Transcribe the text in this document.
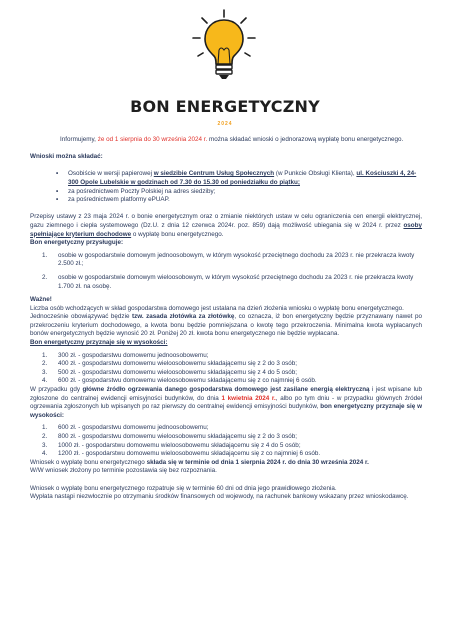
BON ENERGETYCZNY
2024

Informujemy, że od 1 sierpnia do 30 września 2024 r. można składać wnioski o jednorazową wypłatę bonu energetycznego.

Wnioski można składać:

• Osobiście w wersji papierowej w siedzibie Centrum Usług Społecznych (w Punkcie Obsługi Klienta), ul. Kościuszki 4, 24-300 Opole Lubelskie w godzinach od 7.30 do 15.30 od poniedziałku do piątku;
• za pośrednictwem Poczty Polskiej na adres siedziby;
• za pośrednictwem platformy ePUAP.

Przepisy ustawy z 23 maja 2024 r. o bonie energetycznym oraz o zmianie niektórych ustaw w celu ograniczenia cen energii elektrycznej, gazu ziemnego i ciepła systemowego (Dz.U. z dnia 12 czerwca 2024r. poz. 859) dają możliwość ubiegania się w 2024 r. przez osoby spełniające kryterium dochodowe o wypłatę bonu energetycznego.

Bon energetyczny przysługuje:

1. osobie w gospodarstwie domowym jednoosobowym, w którym wysokość przeciętnego dochodu za 2023 r. nie przekracza kwoty 2.500 zł.;
2. osobie w gospodarstwie domowym wieloosobowym, w którym wysokość przeciętnego dochodu za 2023 r. nie przekracza kwoty 1.700 zł. na osobę.

Ważne!

Liczba osób wchodzących w skład gospodarstwa domowego jest ustalana na dzień złożenia wniosku o wypłatę bonu energetycznego.

Jednocześnie obowiązywać będzie tzw. zasada złotówka za złotówkę, co oznacza, iż bon energetyczny będzie przyznawany nawet po przekroczeniu kryterium dochodowego, a kwota bonu będzie pomniejszana o kwotę tego przekroczenia. Minimalna kwota wypłacanych bonów energetycznych będzie wynosić 20 zł. Poniżej 20 zł. kwota bonu energetycznego nie będzie wypłacana.

Bon energetyczny przyznaje się w wysokości:

1. 300 zł. - gospodarstwu domowemu jednoosobowemu;
2. 400 zł. - gospodarstwu domowemu wieloosobowemu składającemu się z 2 do 3 osób;
3. 500 zł. - gospodarstwu domowemu wieloosobowemu składającemu się z 4 do 5 osób;
4. 600 zł. - gospodarstwu domowemu wieloosobowemu składającemu się z co najmniej 6 osób.

W przypadku gdy główne źródło ogrzewania danego gospodarstwa domowego jest zasilane energią elektryczną i jest wpisane lub zgłoszone do centralnej ewidencji emisyjności budynków, do dnia 1 kwietnia 2024 r., albo po tym dniu - w przypadku głównych źródeł ogrzewania zgłoszonych lub wpisanych po raz pierwszy do centralnej ewidencji emisyjności budynków, bon energetyczny przyznaje się w wysokości:

1. 600 zł. - gospodarstwu domowemu jednoosobowemu;
2. 800 zł. - gospodarstwu domowemu wieloosobowemu składającemu się z 2 do 3 osób;
3. 1000 zł. - gospodarstwu domowemu wieloosobowemu składającemu się z 4 do 5 osób;
4. 1200 zł. - gospodarstwu domowemu wieloosobowemu składającemu się z co najmniej 6 osób.

Wniosek o wypłatę bonu energetycznego składa się w terminie od dnia 1 sierpnia 2024 r. do dnia 30 września 2024 r.

W/W wniosek złożony po terminie pozostawia się bez rozpoznania.

Wniosek o wypłatę bonu energetycznego rozpatruje się w terminie 60 dni od dnia jego prawidłowego złożenia.

Wypłata nastąpi niezwłocznie po otrzymaniu środków finansowych od wojewody, na rachunek bankowy wskazany przez wnioskodawcę.
